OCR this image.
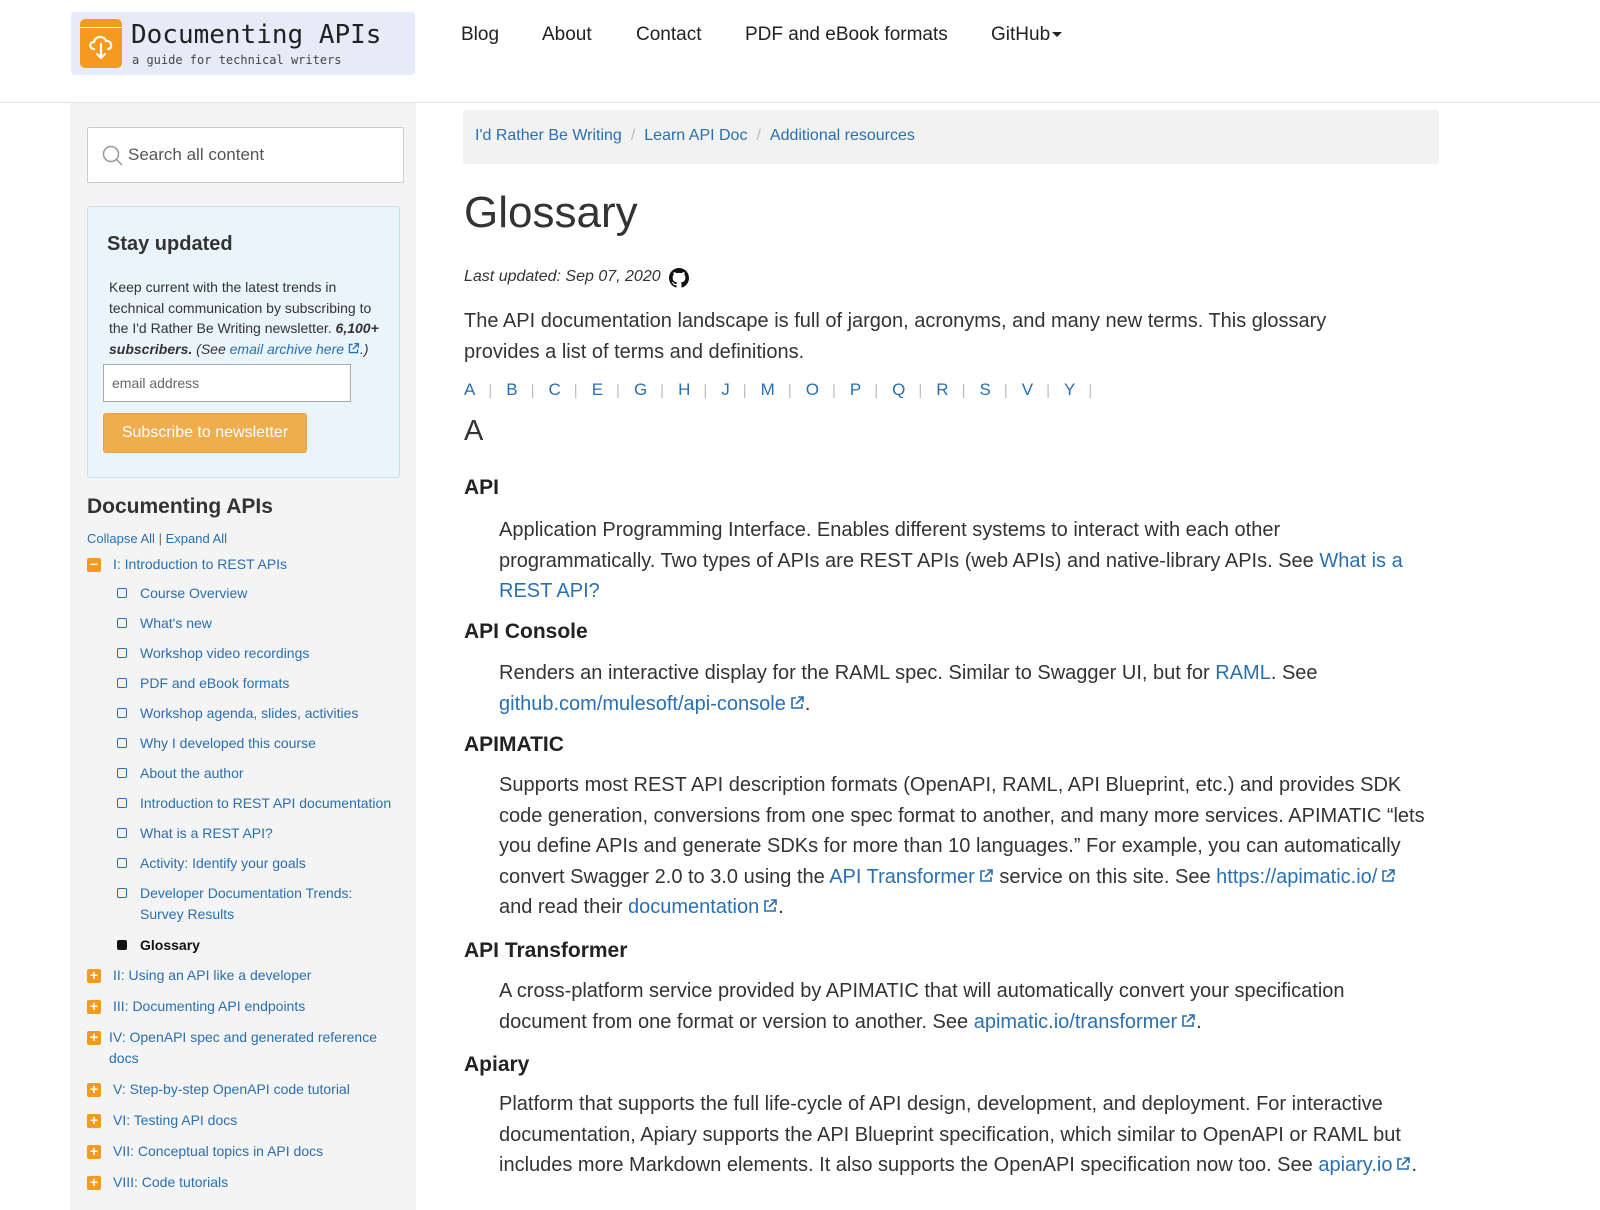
Documenting APIs
a guide for technical writers
Blog About Contact PDF and eBook formats GitHub
Search all content
Stay updated

Keep current with the latest trends in technical communication by subscribing to the I'd Rather Be Writing newsletter. 6,100+ subscribers. (See email archive here .)

email address
Subscribe to newsletter
Documenting APIs
Collapse All | Expand All
− I: Introduction to REST APIs
Course Overview
What's new
Workshop video recordings
PDF and eBook formats
Workshop agenda, slides, activities
Why I developed this course
About the author
Introduction to REST API documentation
What is a REST API?
Activity: Identify your goals
Developer Documentation Trends: Survey Results
Glossary
+ II: Using an API like a developer
+ III: Documenting API endpoints
+ IV: OpenAPI spec and generated reference docs
+ V: Step-by-step OpenAPI code tutorial
+ VI: Testing API docs
+ VII: Conceptual topics in API docs
+ VIII: Code tutorials
I'd Rather Be Writing / Learn API Doc / Additional resources
Glossary
Last updated: Sep 07, 2020

The API documentation landscape is full of jargon, acronyms, and many new terms. This glossary provides a list of terms and definitions.

A | B | C | E | G | H | J | M | O | P | Q | R | S | V | Y |
A
API
Application Programming Interface. Enables different systems to interact with each other programmatically. Two types of APIs are REST APIs (web APIs) and native-library APIs. See What is a REST API?
API Console
Renders an interactive display for the RAML spec. Similar to Swagger UI, but for RAML. See github.com/mulesoft/api-console .
APIMATIC
Supports most REST API description formats (OpenAPI, RAML, API Blueprint, etc.) and provides SDK code generation, conversions from one spec format to another, and many more services. APIMATIC “lets you define APIs and generate SDKs for more than 10 languages.” For example, you can automatically convert Swagger 2.0 to 3.0 using the API Transformer service on this site. See https://apimatic.io/ and read their documentation .
API Transformer
A cross-platform service provided by APIMATIC that will automatically convert your specification document from one format or version to another. See apimatic.io/transformer .
Apiary
Platform that supports the full life-cycle of API design, development, and deployment. For interactive documentation, Apiary supports the API Blueprint specification, which similar to OpenAPI or RAML but includes more Markdown elements. It also supports the OpenAPI specification now too. See apiary.io .
